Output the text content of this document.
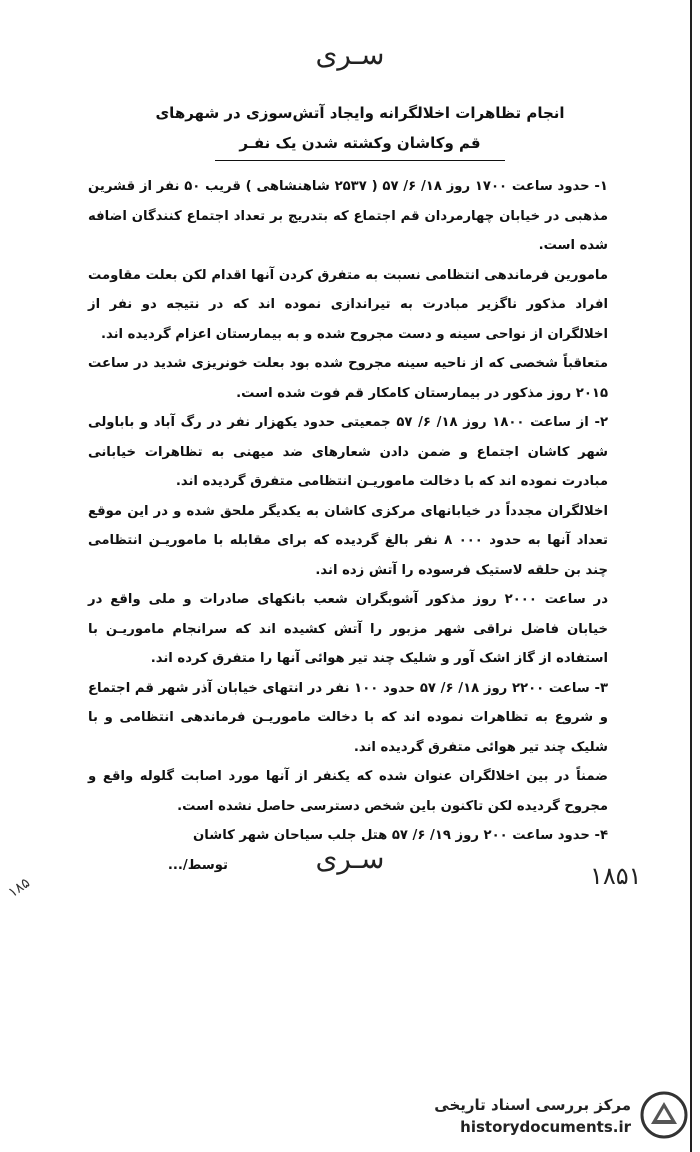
سـری
انجام تظاهرات اخلالگرانه وایجاد آتش‌سوزی در شهرهای
قم وکاشان وکشته شدن یک نفـر

۱- حدود ساعت ۱۷۰۰ روز ۱۸/ ۶/ ۵۷ ( ۲۵۳۷ شاهنشاهی ) قریب ۵۰ نفر از قشرین مذهبی در خیابان چهارمردان قم اجتماع که بتدریج بر تعداد اجتماع کنندگان اضافه شده است.

مامورین فرماندهی انتظامی نسبت به متفرق کردن آنها اقدام لکن بعلت مقاومت افراد مذکور ناگزیر مبادرت به تیراندازی نموده اند که در نتیجه دو نفر از اخلالگران از نواحی سینه و دست مجروح شده و به بیمارستان اعزام گردیده اند.

متعاقباً شخصی که از ناحیه سینه مجروح شده بود بعلت خونریزی شدید در ساعت ۲۰۱۵ روز مذکور در بیمارستان کامکار قم فوت شده است.

۲- از ساعت ۱۸۰۰ روز ۱۸/ ۶/ ۵۷ جمعیتی حدود یکهزار نفر در رگ آباد و باباولی شهر کاشان اجتماع و ضمن دادن شعارهای ضد میهنی به تظاهرات خیابانی مبادرت نموده اند که با دخالت ماموریـن انتظامی متفرق گردیده اند.

اخلالگران مجدداً در خیابانهای مرکزی کاشان به یکدیگر ملحق شده و در این موقع تعداد آنها به حدود ۰۰۰ ۸ نفر بالغ گردیده که برای مقابله با ماموریـن انتظامی چند بن حلقه لاستیک فرسوده را آتش زده اند.

در ساعت ۲۰۰۰ روز مذکور آشوبگران شعب بانکهای صادرات و ملی واقع در خیابان فاضل نراقی شهر مزبور را آتش کشیده اند که سرانجام ماموریـن با استفاده از گاز اشک آور و شلیک چند تیر هوائی آنها را متفرق کرده اند.

۳- ساعت ۲۲۰۰ روز ۱۸/ ۶/ ۵۷ حدود ۱۰۰ نفر در انتهای خیابان آذر شهر قم اجتماع و شروع به تظاهرات نموده اند که با دخالت ماموریـن فرماندهی انتظامی و با شلیک چند تیر هوائی متفرق گردیده اند.

ضمناً در بین اخلالگران عنوان شده که یکنفر از آنها مورد اصابت گلوله واقع و مجروح گردیده لکن تاکنون باین شخص دسترسی حاصل نشده است.

۴- حدود ساعت ۲۰۰ روز ۱۹/ ۶/ ۵۷ هتل جلب سیاحان شهر کاشان

توسط/...	سـری
۱۸۵۱
۱۸۵
مرکز بررسی اسناد تاریخی
historydocuments.ir
